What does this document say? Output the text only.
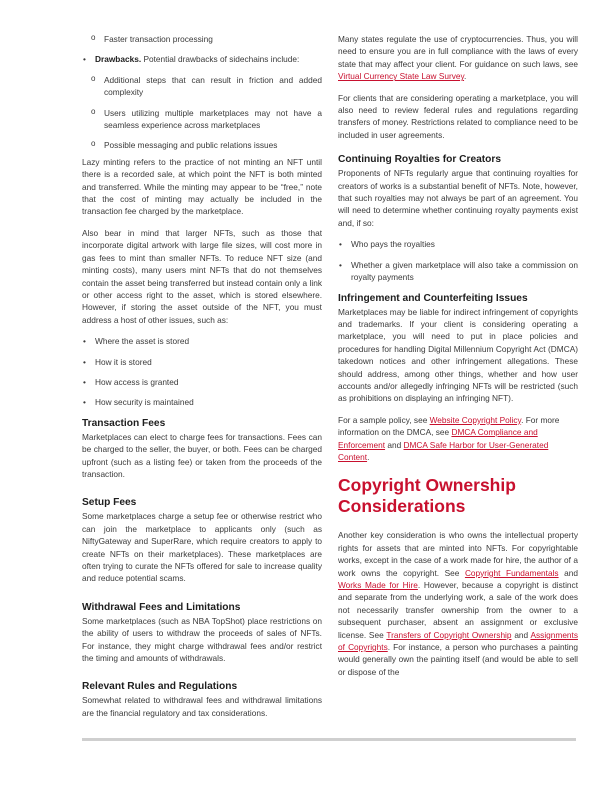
o Faster transaction processing
• Drawbacks. Potential drawbacks of sidechains include:
o Additional steps that can result in friction and added complexity
o Users utilizing multiple marketplaces may not have a seamless experience across marketplaces
o Possible messaging and public relations issues

Lazy minting refers to the practice of not minting an NFT until there is a recorded sale, at which point the NFT is both minted and transferred. While the minting may appear to be “free,” note that the cost of minting may actually be included in the transaction fee charged by the marketplace.

Also bear in mind that larger NFTs, such as those that incorporate digital artwork with large file sizes, will cost more in gas fees to mint than smaller NFTs. To reduce NFT size (and minting costs), many users mint NFTs that do not themselves contain the asset being transferred but instead contain only a link or other access right to the asset, which is stored elsewhere. However, if storing the asset outside of the NFT, you must address a host of other issues, such as:

• Where the asset is stored
• How it is stored
• How access is granted
• How security is maintained
Transaction Fees

Marketplaces can elect to charge fees for transactions. Fees can be charged to the seller, the buyer, or both. Fees can be charged upfront (such as a listing fee) or taken from the proceeds of the transaction.

Setup Fees

Some marketplaces charge a setup fee or otherwise restrict who can join the marketplace to applicants only (such as NiftyGateway and SuperRare, which require creators to apply to create NFTs on their marketplaces). These marketplaces are often trying to curate the NFTs offered for sale to increase quality and reduce potential scams.

Withdrawal Fees and Limitations

Some marketplaces (such as NBA TopShot) place restrictions on the ability of users to withdraw the proceeds of sales of NFTs. For instance, they might charge withdrawal fees and/or restrict the timing and amounts of withdrawals.

Relevant Rules and Regulations

Somewhat related to withdrawal fees and withdrawal limitations are the financial regulatory and tax considerations.

Many states regulate the use of cryptocurrencies. Thus, you will need to ensure you are in full compliance with the laws of every state that may affect your client. For guidance on such laws, see Virtual Currency State Law Survey.

For clients that are considering operating a marketplace, you will also need to review federal rules and regulations regarding transfers of money. Restrictions related to compliance need to be included in user agreements.

Continuing Royalties for Creators

Proponents of NFTs regularly argue that continuing royalties for creators of works is a substantial benefit of NFTs. Note, however, that such royalties may not always be part of an agreement. You will need to determine whether continuing royalty payments exist and, if so:

• Who pays the royalties
• Whether a given marketplace will also take a commission on royalty payments
Infringement and Counterfeiting Issues

Marketplaces may be liable for indirect infringement of copyrights and trademarks. If your client is considering operating a marketplace, you will need to put in place policies and procedures for handling Digital Millennium Copyright Act (DMCA) takedown notices and other infringement allegations. These should address, among other things, whether and how user accounts and/or allegedly infringing NFTs will be restricted (such as prohibitions on displaying an infringing NFT).

For a sample policy, see Website Copyright Policy. For more information on the DMCA, see DMCA Compliance and Enforcement and DMCA Safe Harbor for User-Generated Content.

Copyright Ownership Considerations

Another key consideration is who owns the intellectual property rights for assets that are minted into NFTs. For copyrightable works, except in the case of a work made for hire, the author of a work owns the copyright. See Copyright Fundamentals and Works Made for Hire. However, because a copyright is distinct and separate from the underlying work, a sale of the work does not necessarily transfer ownership from the owner to a subsequent purchaser, absent an assignment or exclusive license. See Transfers of Copyright Ownership and Assignments of Copyrights. For instance, a person who purchases a painting would generally own the painting itself (and would be able to sell or dispose of the
